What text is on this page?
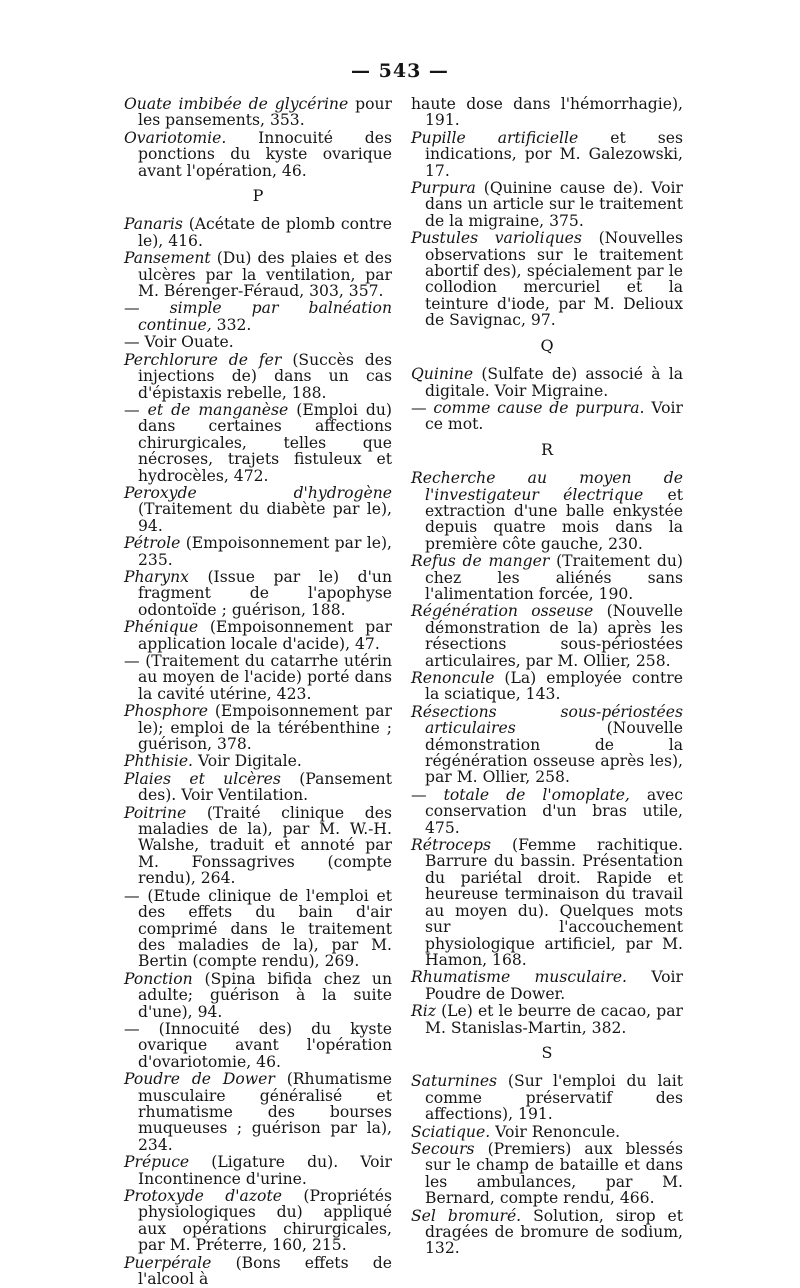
— 543 —
Ouate imbibée de glycérine pour les pansements, 353.
Ovariotomie. Innocuité des ponctions du kyste ovarique avant l'opération, 46.
P
Panaris (Acétate de plomb contre le), 416.
Pansement (Du) des plaies et des ulcères par la ventilation, par M. Bérenger-Féraud, 303, 357.
— simple par balnéation continue, 332.
— Voir Ouate.
Perchlorure de fer (Succès des injections de) dans un cas d'épistaxis rebelle, 188.
— et de manganèse (Emploi du) dans certaines affections chirurgicales, telles que nécroses, trajets fistuleux et hydrocèles, 472.
Peroxyde d'hydrogène (Traitement du diabète par le), 94.
Pétrole (Empoisonnement par le), 235.
Pharynx (Issue par le) d'un fragment de l'apophyse odontoïde ; guérison, 188.
Phénique (Empoisonnement par application locale d'acide), 47.
— (Traitement du catarrhe utérin au moyen de l'acide) porté dans la cavité utérine, 423.
Phosphore (Empoisonnement par le); emploi de la térébenthine ; guérison, 378.
Phthisie. Voir Digitale.
Plaies et ulcères (Pansement des). Voir Ventilation.
Poitrine (Traité clinique des maladies de la), par M. W.-H. Walshe, traduit et annoté par M. Fonssagrives (compte rendu), 264.
— (Etude clinique de l'emploi et des effets du bain d'air comprimé dans le traitement des maladies de la), par M. Bertin (compte rendu), 269.
Ponction (Spina bifida chez un adulte; guérison à la suite d'une), 94.
— (Innocuité des) du kyste ovarique avant l'opération d'ovariotomie, 46.
Poudre de Dower (Rhumatisme musculaire généralisé et rhumatisme des bourses muqueuses ; guérison par la), 234.
Prépuce (Ligature du). Voir Incontinence d'urine.
Protoxyde d'azote (Propriétés physiologiques du) appliqué aux opérations chirurgicales, par M. Préterre, 160, 215.
Puerpérale (Bons effets de l'alcool à
haute dose dans l'hémorrhagie), 191.
Pupille artificielle et ses indications, por M. Galezowski, 17.
Purpura (Quinine cause de). Voir dans un article sur le traitement de la migraine, 375.
Pustules varioliques (Nouvelles observations sur le traitement abortif des), spécialement par le collodion mercuriel et la teinture d'iode, par M. Delioux de Savignac, 97.
Q
Quinine (Sulfate de) associé à la digitale. Voir Migraine.
— comme cause de purpura. Voir ce mot.
R
Recherche au moyen de l'investigateur électrique et extraction d'une balle enkystée depuis quatre mois dans la première côte gauche, 230.
Refus de manger (Traitement du) chez les aliénés sans l'alimentation forcée, 190.
Régénération osseuse (Nouvelle démonstration de la) après les résections sous-périostées articulaires, par M. Ollier, 258.
Renoncule (La) employée contre la sciatique, 143.
Résections sous-périostées articulaires (Nouvelle démonstration de la régénération osseuse après les), par M. Ollier, 258.
— totale de l'omoplate, avec conservation d'un bras utile, 475.
Rétroceps (Femme rachitique. Barrure du bassin. Présentation du pariétal droit. Rapide et heureuse terminaison du travail au moyen du). Quelques mots sur l'accouchement physiologique artificiel, par M. Hamon, 168.
Rhumatisme musculaire. Voir Poudre de Dower.
Riz (Le) et le beurre de cacao, par M. Stanislas-Martin, 382.
S
Saturnines (Sur l'emploi du lait comme préservatif des affections), 191.
Sciatique. Voir Renoncule.
Secours (Premiers) aux blessés sur le champ de bataille et dans les ambulances, par M. Bernard, compte rendu, 466.
Sel bromuré. Solution, sirop et dragées de bromure de sodium, 132.
